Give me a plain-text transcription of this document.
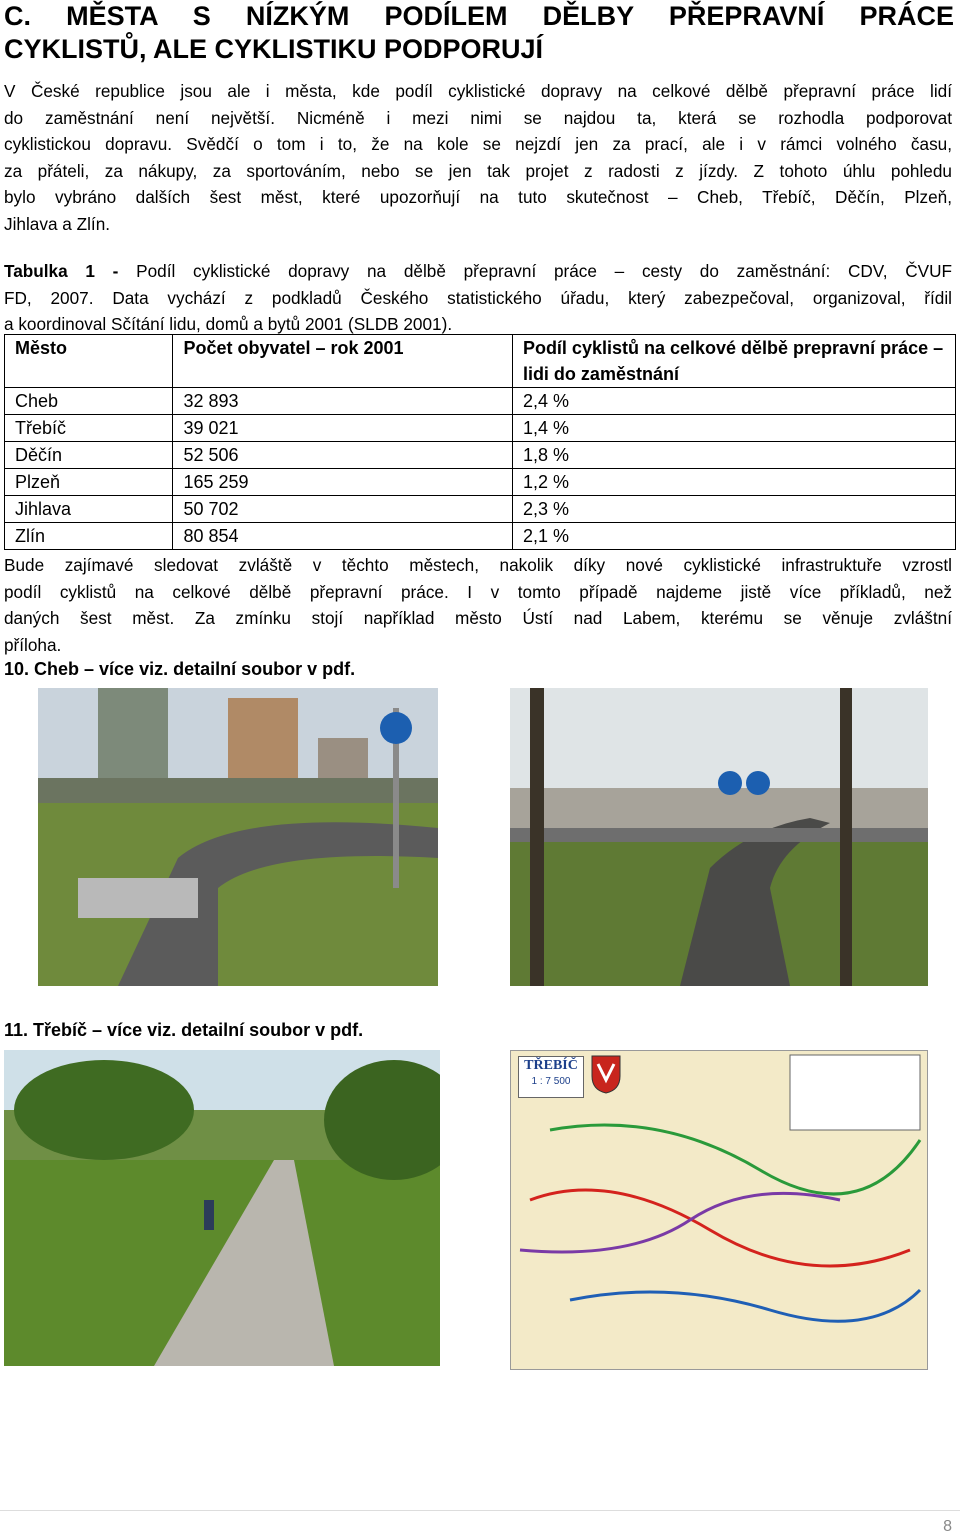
C. MĚSTA S NÍZKÝM PODÍLEM DĚLBY PŘEPRAVNÍ PRÁCE
CYKLISTŮ, ALE CYKLISTIKU PODPORUJÍ
V České republice jsou ale i města, kde podíl cyklistické dopravy na celkové dělbě přepravní práce lidí
do zaměstnání není největší. Nicméně i mezi nimi se najdou ta, která se rozhodla podporovat
cyklistickou dopravu. Svědčí o tom i to, že na kole se nejzdí jen za prací, ale i v rámci volného času,
za přáteli, za nákupy, za sportováním, nebo se jen tak projet z radosti z jízdy. Z tohoto úhlu pohledu
bylo vybráno dalších šest měst, které upozorňují na tuto skutečnost – Cheb, Třebíč, Děčín, Plzeň,
Jihlava a Zlín.
Tabulka 1 - Podíl cyklistické dopravy na dělbě přepravní práce – cesty do zaměstnání: CDV, ČVUF
FD, 2007. Data vychází z podkladů Českého statistického úřadu, který zabezpečoval, organizoval, řídil
a koordinoval Sčítání lidu, domů a bytů 2001 (SLDB 2001).
Město	Počet obyvatel – rok 2001	Podíl cyklistů na celkové dělbě prepravní práce – lidi do zaměstnání
Cheb	32 893	2,4 %
Třebíč	39 021	1,4 %
Děčín	52 506	1,8 %
Plzeň	165 259	1,2 %
Jihlava	50 702	2,3 %
Zlín	80 854	2,1 %
Bude zajímavé sledovat zvláště v těchto městech, nakolik díky nové cyklistické infrastruktuře vzrostl
podíl cyklistů na celkové dělbě přepravní práce. I v tomto případě najdeme jistě více příkladů, než
daných šest měst. Za zmínku stojí například město Ústí nad Labem, kterému se věnuje zvláštní
příloha.
10. Cheb – více viz. detailní soubor v pdf.
11. Třebíč – více viz. detailní soubor v pdf.
TŘEBÍČ
1 : 7 500
8
